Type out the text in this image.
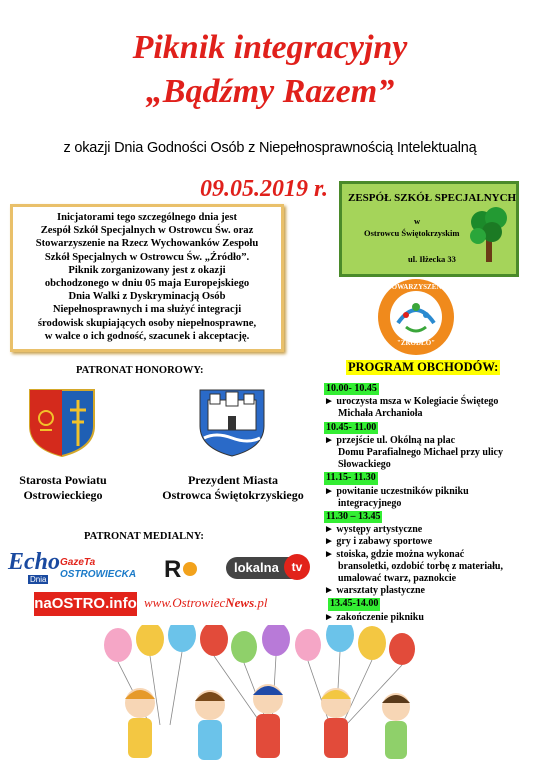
Piknik integracyjny
„Bądźmy Razem”
z okazji Dnia Godności Osób z Niepełnosprawnością Intelektualną
09.05.2019 r.
Inicjatorami tego szczególnego dnia jest
Zespół Szkół Specjalnych w Ostrowcu Św. oraz
Stowarzyszenie na Rzecz Wychowanków Zespołu
Szkół Specjalnych w Ostrowcu Św. „Źródło”.
Piknik zorganizowany jest z okazji
obchodzonego w dniu 05 maja Europejskiego
Dnia Walki z Dyskryminacją Osób
Niepełnosprawnych i ma służyć integracji
środowisk skupiających osoby niepełnosprawne,
w walce o ich godność, szacunek i akceptację.
ZESPÓŁ SZKÓŁ SPECJALNYCH
w
Ostrowcu Świętokrzyskim
ul. Iłżecka 33
STOWARZYSZENIE
"ŹRÓDŁO"
PROGRAM OBCHODÓW:
10.00- 10.45
► uroczysta msza w Kolegiacie Świętego
Michała Archanioła
10.45- 11.00
► przejście ul. Okólną na plac
Domu Parafialnego Michael przy ulicy
Słowackiego
11.15- 11.30
► powitanie uczestników pikniku
integracyjnego
11.30 – 13.45
► występy artystyczne
► gry i zabawy sportowe
► stoiska, gdzie można wykonać
bransoletki, ozdobić torbę z materiału,
umalować twarz, paznokcie
► warsztaty plastyczne
13.45-14.00
► zakończenie pikniku
PATRONAT HONOROWY:
Starosta Powiatu
Ostrowieckiego
Prezydent Miasta
Ostrowca Świętokrzyskiego
PATRONAT MEDIALNY:
Echo
Dnia
GazeTa
OSTROWIECKA R	lokalna	tv
naOSTRO.info www.OstrowiecNews.pl
